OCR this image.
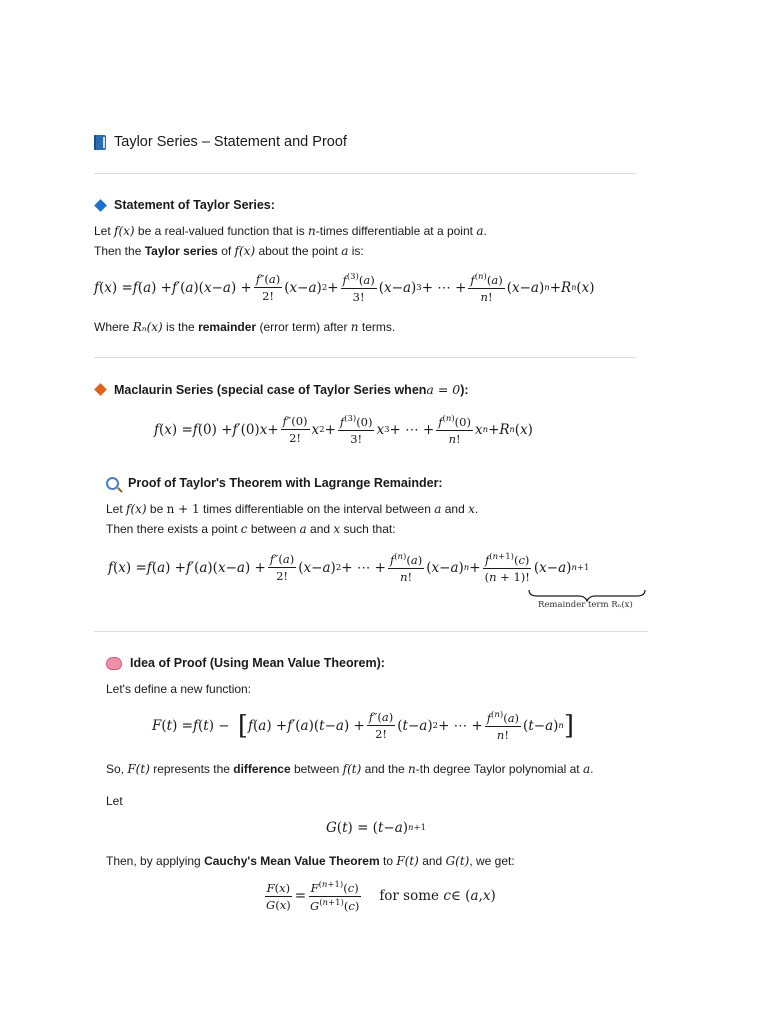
Taylor Series – Statement and Proof
Statement of Taylor Series:
Let f(x) be a real-valued function that is n-times differentiable at a point a.
Then the Taylor series of f(x) about the point a is:
f ( x ) = f ( a ) + f ′( a )( x − a ) + $\frac{f''(a)}{2!}$ ( x − a ) $2 + \frac{f^{(3)}(a)}{3!}$ ( x − a ) 3 + ⋯ + $\frac{f^{(n)}(a)}{n!}$ ( x − a ) n + R n ( x )
Where Rₙ(x) is the remainder (error term) after n terms.
Maclaurin Series (special case of Taylor Series when a = 0 ):
f ( x ) = f (0) + f ′(0) $x + \frac{f''(0)}{2!}$ x $2 + \frac{f^{(3)}(0)}{3!}$ x 3 + ⋯ + $\frac{f^{(n)}(0)}{n!}$ x n + R n ( x )
Proof of Taylor's Theorem with Lagrange Remainder:
Let f(x) be n + 1 times differentiable on the interval between a and x.
Then there exists a point c between a and x such that:
f ( x ) = f ( a ) + f ′( a )( x − a ) + $\frac{f''(a)}{2!}$ ( x − a ) 2 + ⋯ + $\frac{f^{(n)}(a)}{n!}$ ( x − a ) $n + \frac{f^{(n+1)}(c)}{(n + 1)!}$ ( x − a ) n+1
Remainder term Rₙ(x)
Idea of Proof (Using Mean Value Theorem):
Let's define a new function:
F ( t ) = f ( t ) − [ f ( a ) + f ′( a )( t − a ) + $\frac{f''(a)}{2!}$ ( t − a ) 2 + ⋯ + $\frac{f^{(n)}(a)}{n!}$ ( t − a ) n ]
So, F(t) represents the difference between f(t) and the n-th degree Taylor polynomial at a.
Let
G ( t ) = ( t − a ) n+1
Then, by applying Cauchy's Mean Value Theorem to F(t) and G(t), we get:
$\frac{F(x)}{G(x)} = \frac{F^{(n+1)}(c)}{G^{(n+1)}(c)}$ for some
c ∈ ( a , x )
